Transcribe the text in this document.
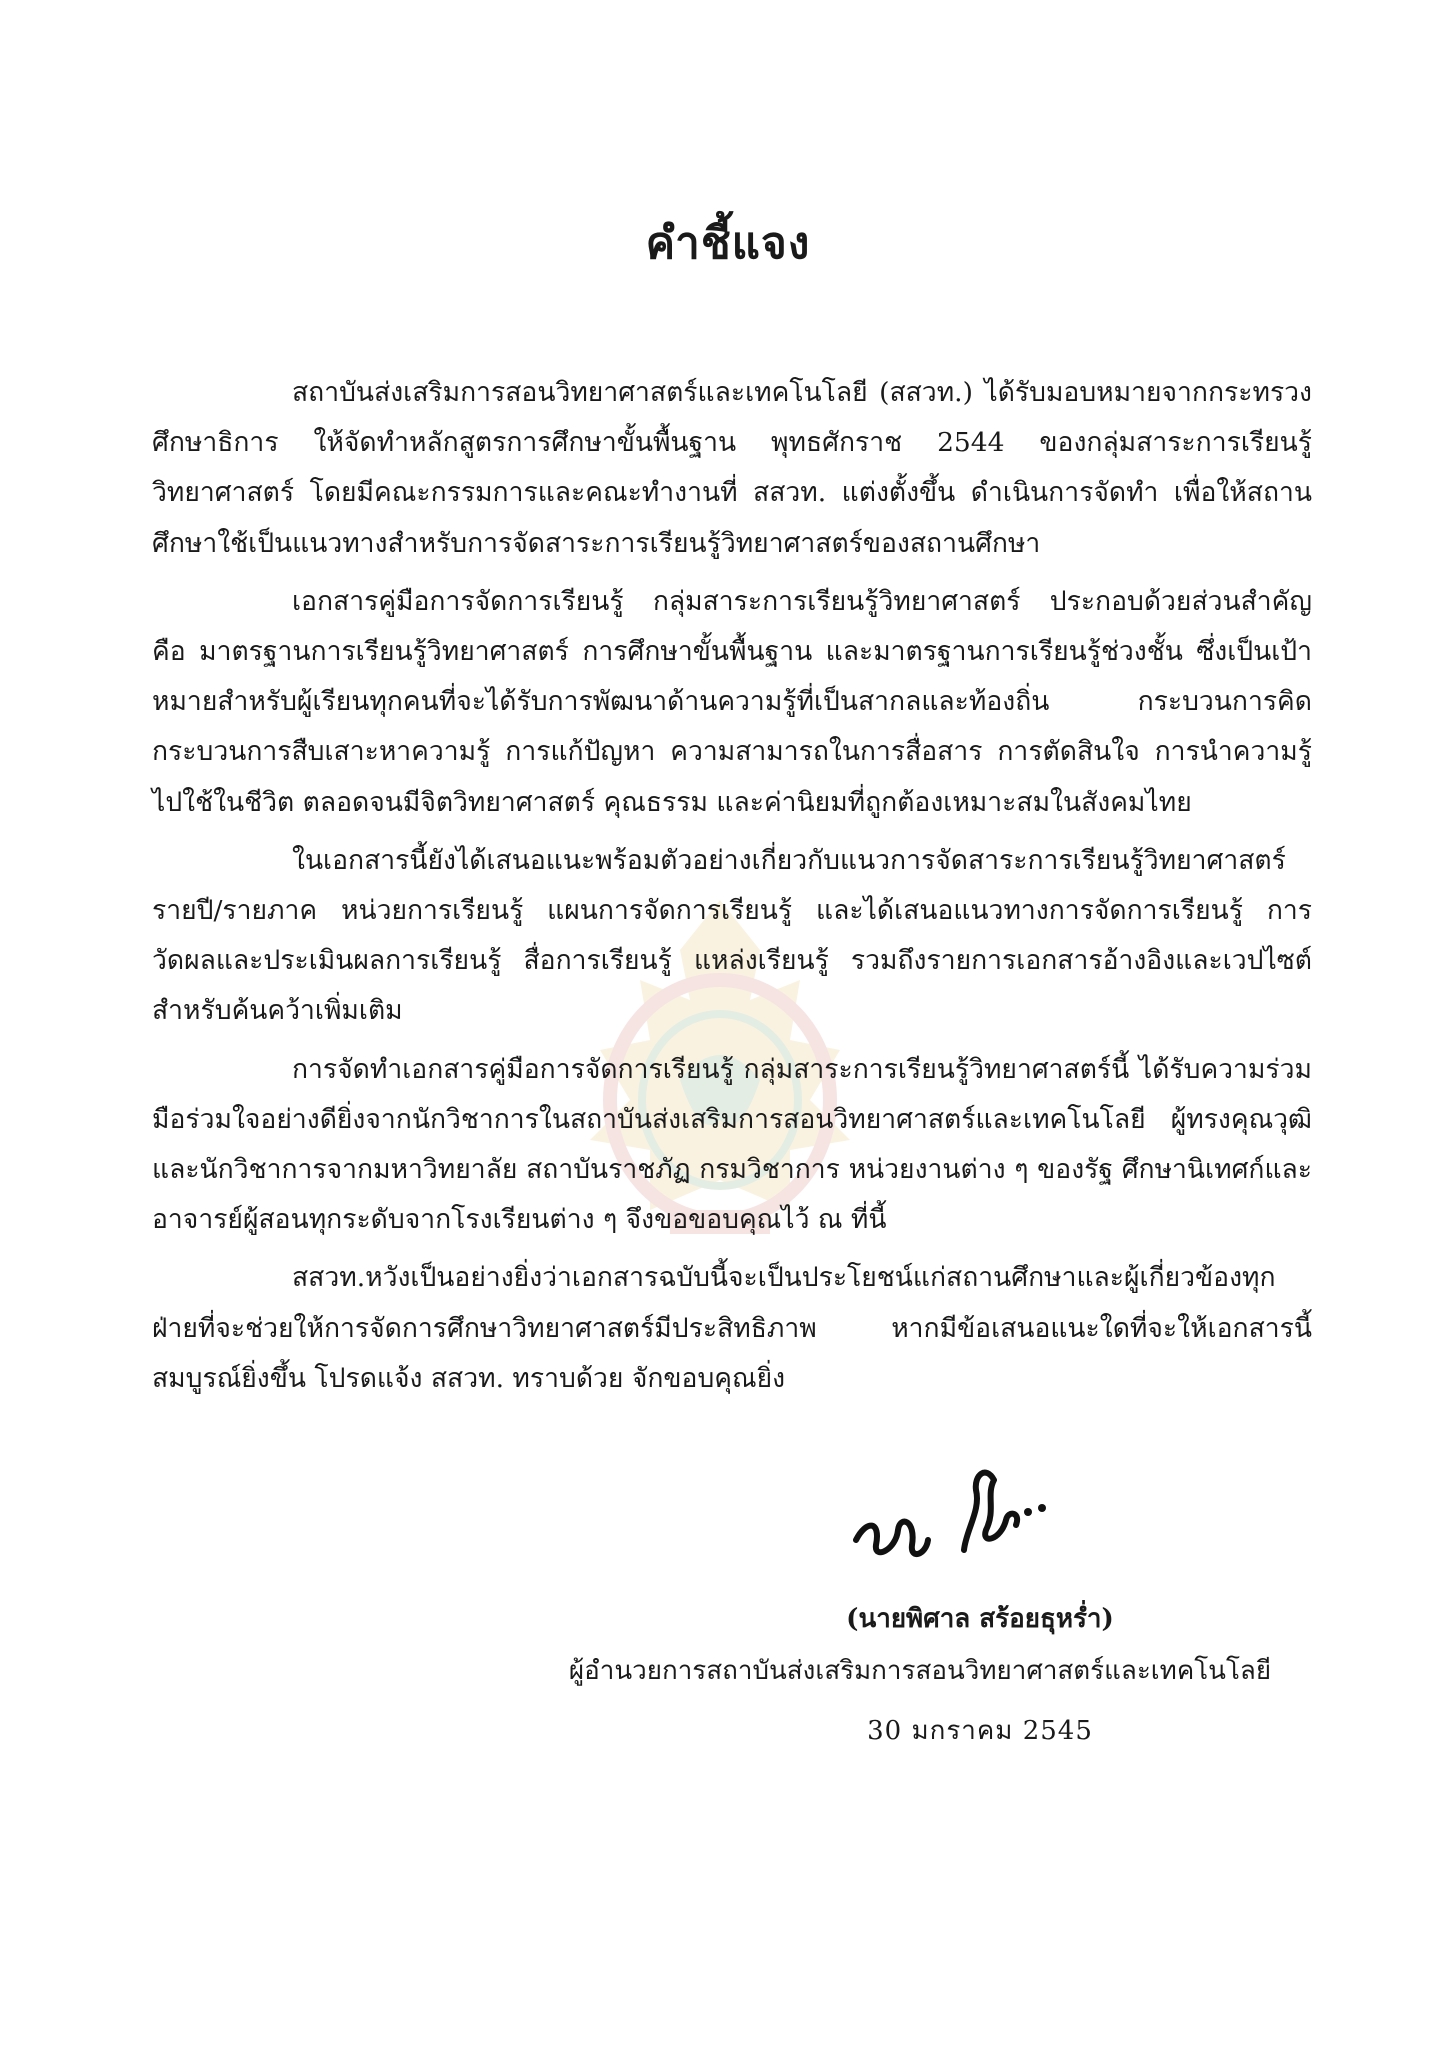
คำชี้แจง

สถาบันส่งเสริมการสอนวิทยาศาสตร์และเทคโนโลยี (สสวท.) ได้รับมอบหมายจากกระทรวงศึกษาธิการ ให้จัดทำหลักสูตรการศึกษาขั้นพื้นฐาน พุทธศักราช 2544 ของกลุ่มสาระการเรียนรู้วิทยาศาสตร์ โดยมีคณะกรรมการและคณะทำงานที่ สสวท. แต่งตั้งขึ้น ดำเนินการจัดทำ เพื่อให้สถานศึกษาใช้เป็นแนวทางสำหรับการจัดสาระการเรียนรู้วิทยาศาสตร์ของสถานศึกษา

เอกสารคู่มือการจัดการเรียนรู้ กลุ่มสาระการเรียนรู้วิทยาศาสตร์ ประกอบด้วยส่วนสำคัญ คือ มาตรฐานการเรียนรู้วิทยาศาสตร์ การศึกษาขั้นพื้นฐาน และมาตรฐานการเรียนรู้ช่วงชั้น ซึ่งเป็นเป้าหมายสำหรับผู้เรียนทุกคนที่จะได้รับการพัฒนาด้านความรู้ที่เป็นสากลและท้องถิ่น กระบวนการคิด กระบวนการสืบเสาะหาความรู้ การแก้ปัญหา ความสามารถในการสื่อสาร การตัดสินใจ การนำความรู้ไปใช้ในชีวิต ตลอดจนมีจิตวิทยาศาสตร์ คุณธรรม และค่านิยมที่ถูกต้องเหมาะสมในสังคมไทย

ในเอกสารนี้ยังได้เสนอแนะพร้อมตัวอย่างเกี่ยวกับแนวการจัดสาระการเรียนรู้วิทยาศาสตร์รายปี/รายภาค หน่วยการเรียนรู้ แผนการจัดการเรียนรู้ และได้เสนอแนวทางการจัดการเรียนรู้ การวัดผลและประเมินผลการเรียนรู้ สื่อการเรียนรู้ แหล่งเรียนรู้ รวมถึงรายการเอกสารอ้างอิงและเวปไซต์สำหรับค้นคว้าเพิ่มเติม

การจัดทำเอกสารคู่มือการจัดการเรียนรู้ กลุ่มสาระการเรียนรู้วิทยาศาสตร์นี้ ได้รับความร่วมมือร่วมใจอย่างดียิ่งจากนักวิชาการในสถาบันส่งเสริมการสอนวิทยาศาสตร์และเทคโนโลยี ผู้ทรงคุณวุฒิและนักวิชาการจากมหาวิทยาลัย สถาบันราชภัฏ กรมวิชาการ หน่วยงานต่าง ๆ ของรัฐ ศึกษานิเทศก์และอาจารย์ผู้สอนทุกระดับจากโรงเรียนต่าง ๆ จึงขอขอบคุณไว้ ณ ที่นี้

สสวท.หวังเป็นอย่างยิ่งว่าเอกสารฉบับนี้จะเป็นประโยชน์แก่สถานศึกษาและผู้เกี่ยวข้องทุกฝ่ายที่จะช่วยให้การจัดการศึกษาวิทยาศาสตร์มีประสิทธิภาพ หากมีข้อเสนอแนะใดที่จะให้เอกสารนี้สมบูรณ์ยิ่งขึ้น โปรดแจ้ง สสวท. ทราบด้วย จักขอบคุณยิ่ง

(นายพิศาล สร้อยธุหร่ำ)
ผู้อำนวยการสถาบันส่งเสริมการสอนวิทยาศาสตร์และเทคโนโลยี
30 มกราคม 2545
